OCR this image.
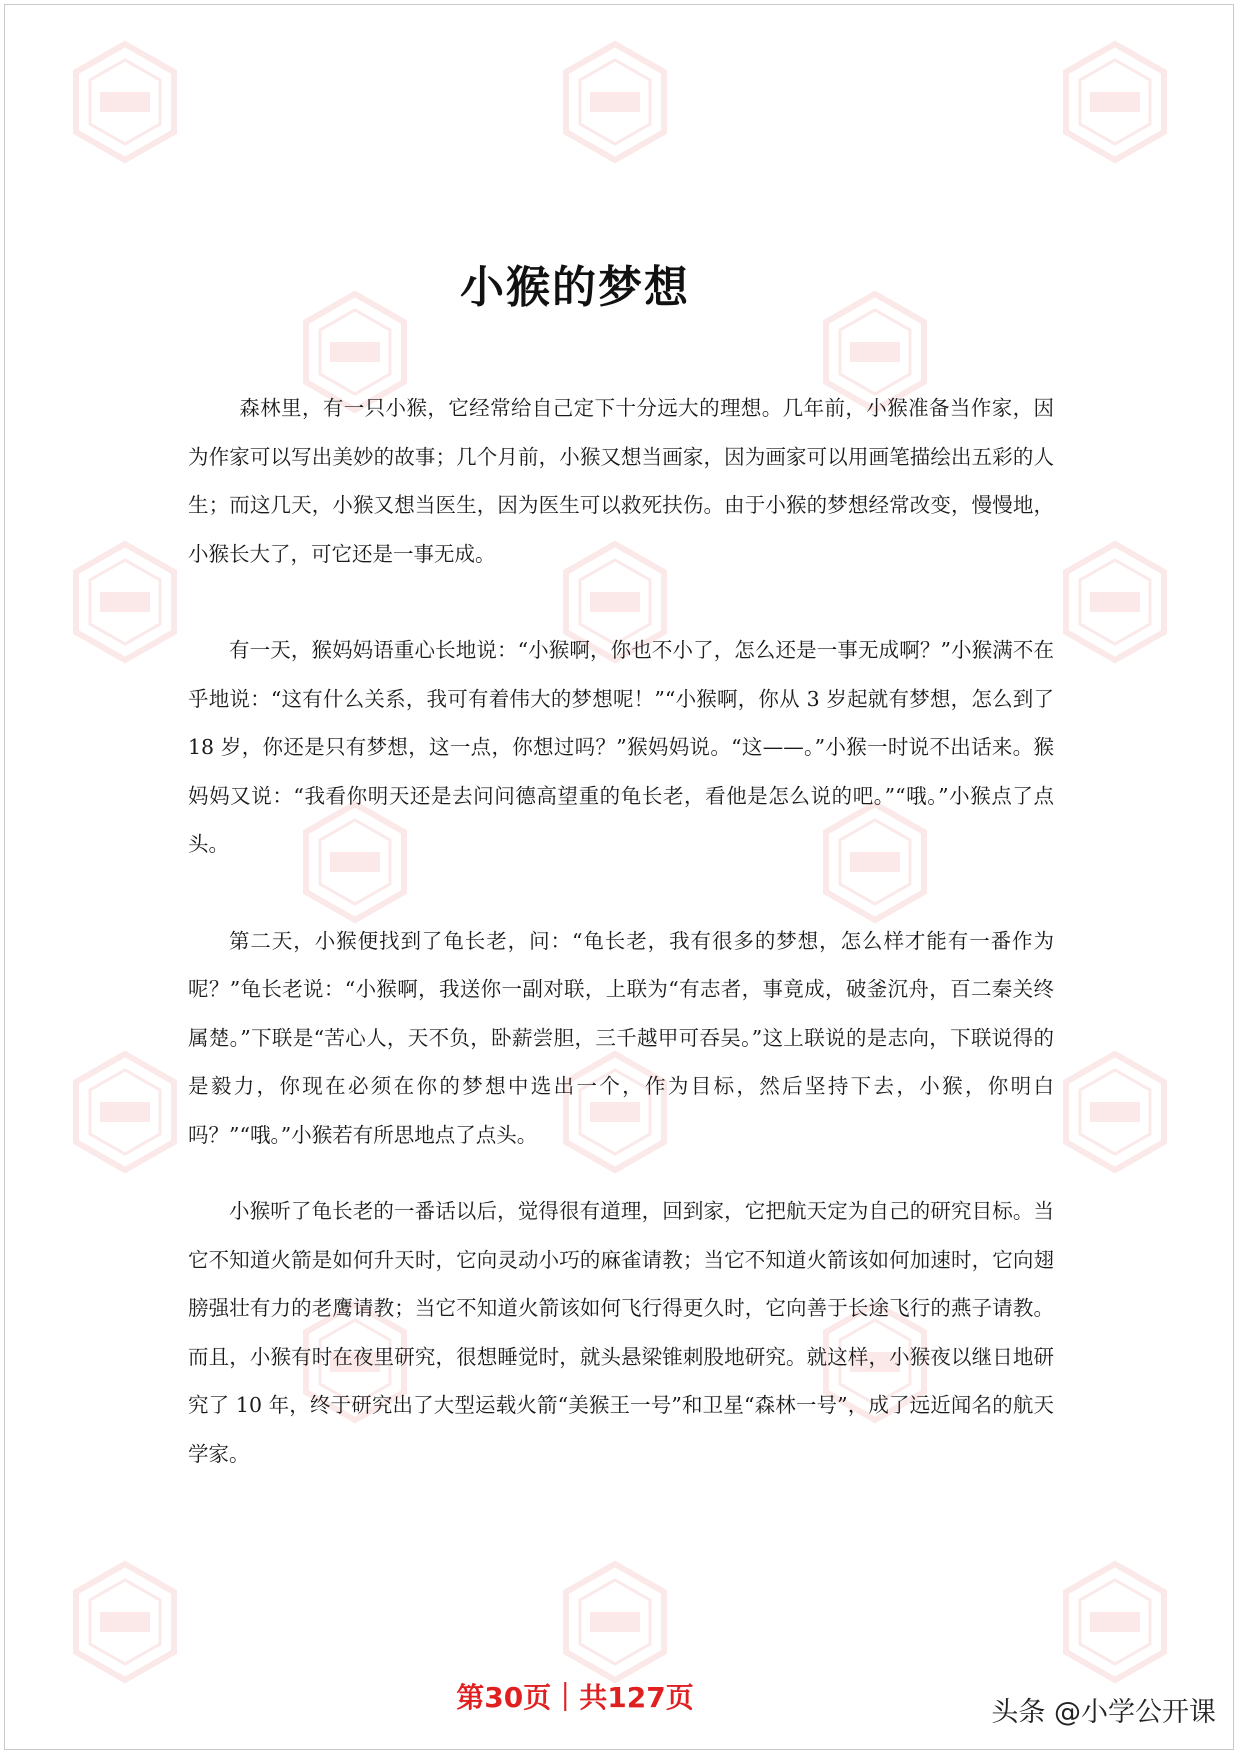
小猴的梦想

森林里，有一只小猴，它经常给自己定下十分远大的理想。几年前，小猴准备当作家，因为作家可以写出美妙的故事；几个月前，小猴又想当画家，因为画家可以用画笔描绘出五彩的人生；而这几天，小猴又想当医生，因为医生可以救死扶伤。由于小猴的梦想经常改变，慢慢地，小猴长大了，可它还是一事无成。

有一天，猴妈妈语重心长地说：“小猴啊，你也不小了，怎么还是一事无成啊？”小猴满不在乎地说：“这有什么关系，我可有着伟大的梦想呢！”“小猴啊，你从 3 岁起就有梦想，怎么到了 18 岁，你还是只有梦想，这一点，你想过吗？”猴妈妈说。“这——。”小猴一时说不出话来。猴妈妈又说：“我看你明天还是去问问德高望重的龟长老，看他是怎么说的吧。”“哦。”小猴点了点头。

第二天，小猴便找到了龟长老，问：“龟长老，我有很多的梦想，怎么样才能有一番作为呢？”龟长老说：“小猴啊，我送你一副对联，上联为“有志者，事竟成，破釜沉舟，百二秦关终属楚。”下联是“苦心人，天不负，卧薪尝胆，三千越甲可吞吴。”这上联说的是志向，下联说得的是毅力，你现在必须在你的梦想中选出一个，作为目标，然后坚持下去，小猴，你明白吗？”“哦。”小猴若有所思地点了点头。

小猴听了龟长老的一番话以后，觉得很有道理，回到家，它把航天定为自己的研究目标。当它不知道火箭是如何升天时，它向灵动小巧的麻雀请教；当它不知道火箭该如何加速时，它向翅膀强壮有力的老鹰请教；当它不知道火箭该如何飞行得更久时，它向善于长途飞行的燕子请教。而且，小猴有时在夜里研究，很想睡觉时，就头悬梁锥刺股地研究。就这样，小猴夜以继日地研究了 10 年，终于研究出了大型运载火箭“美猴王一号”和卫星“森林一号”，成了远近闻名的航天学家。

第30页｜共127页	头条 @小学公开课
